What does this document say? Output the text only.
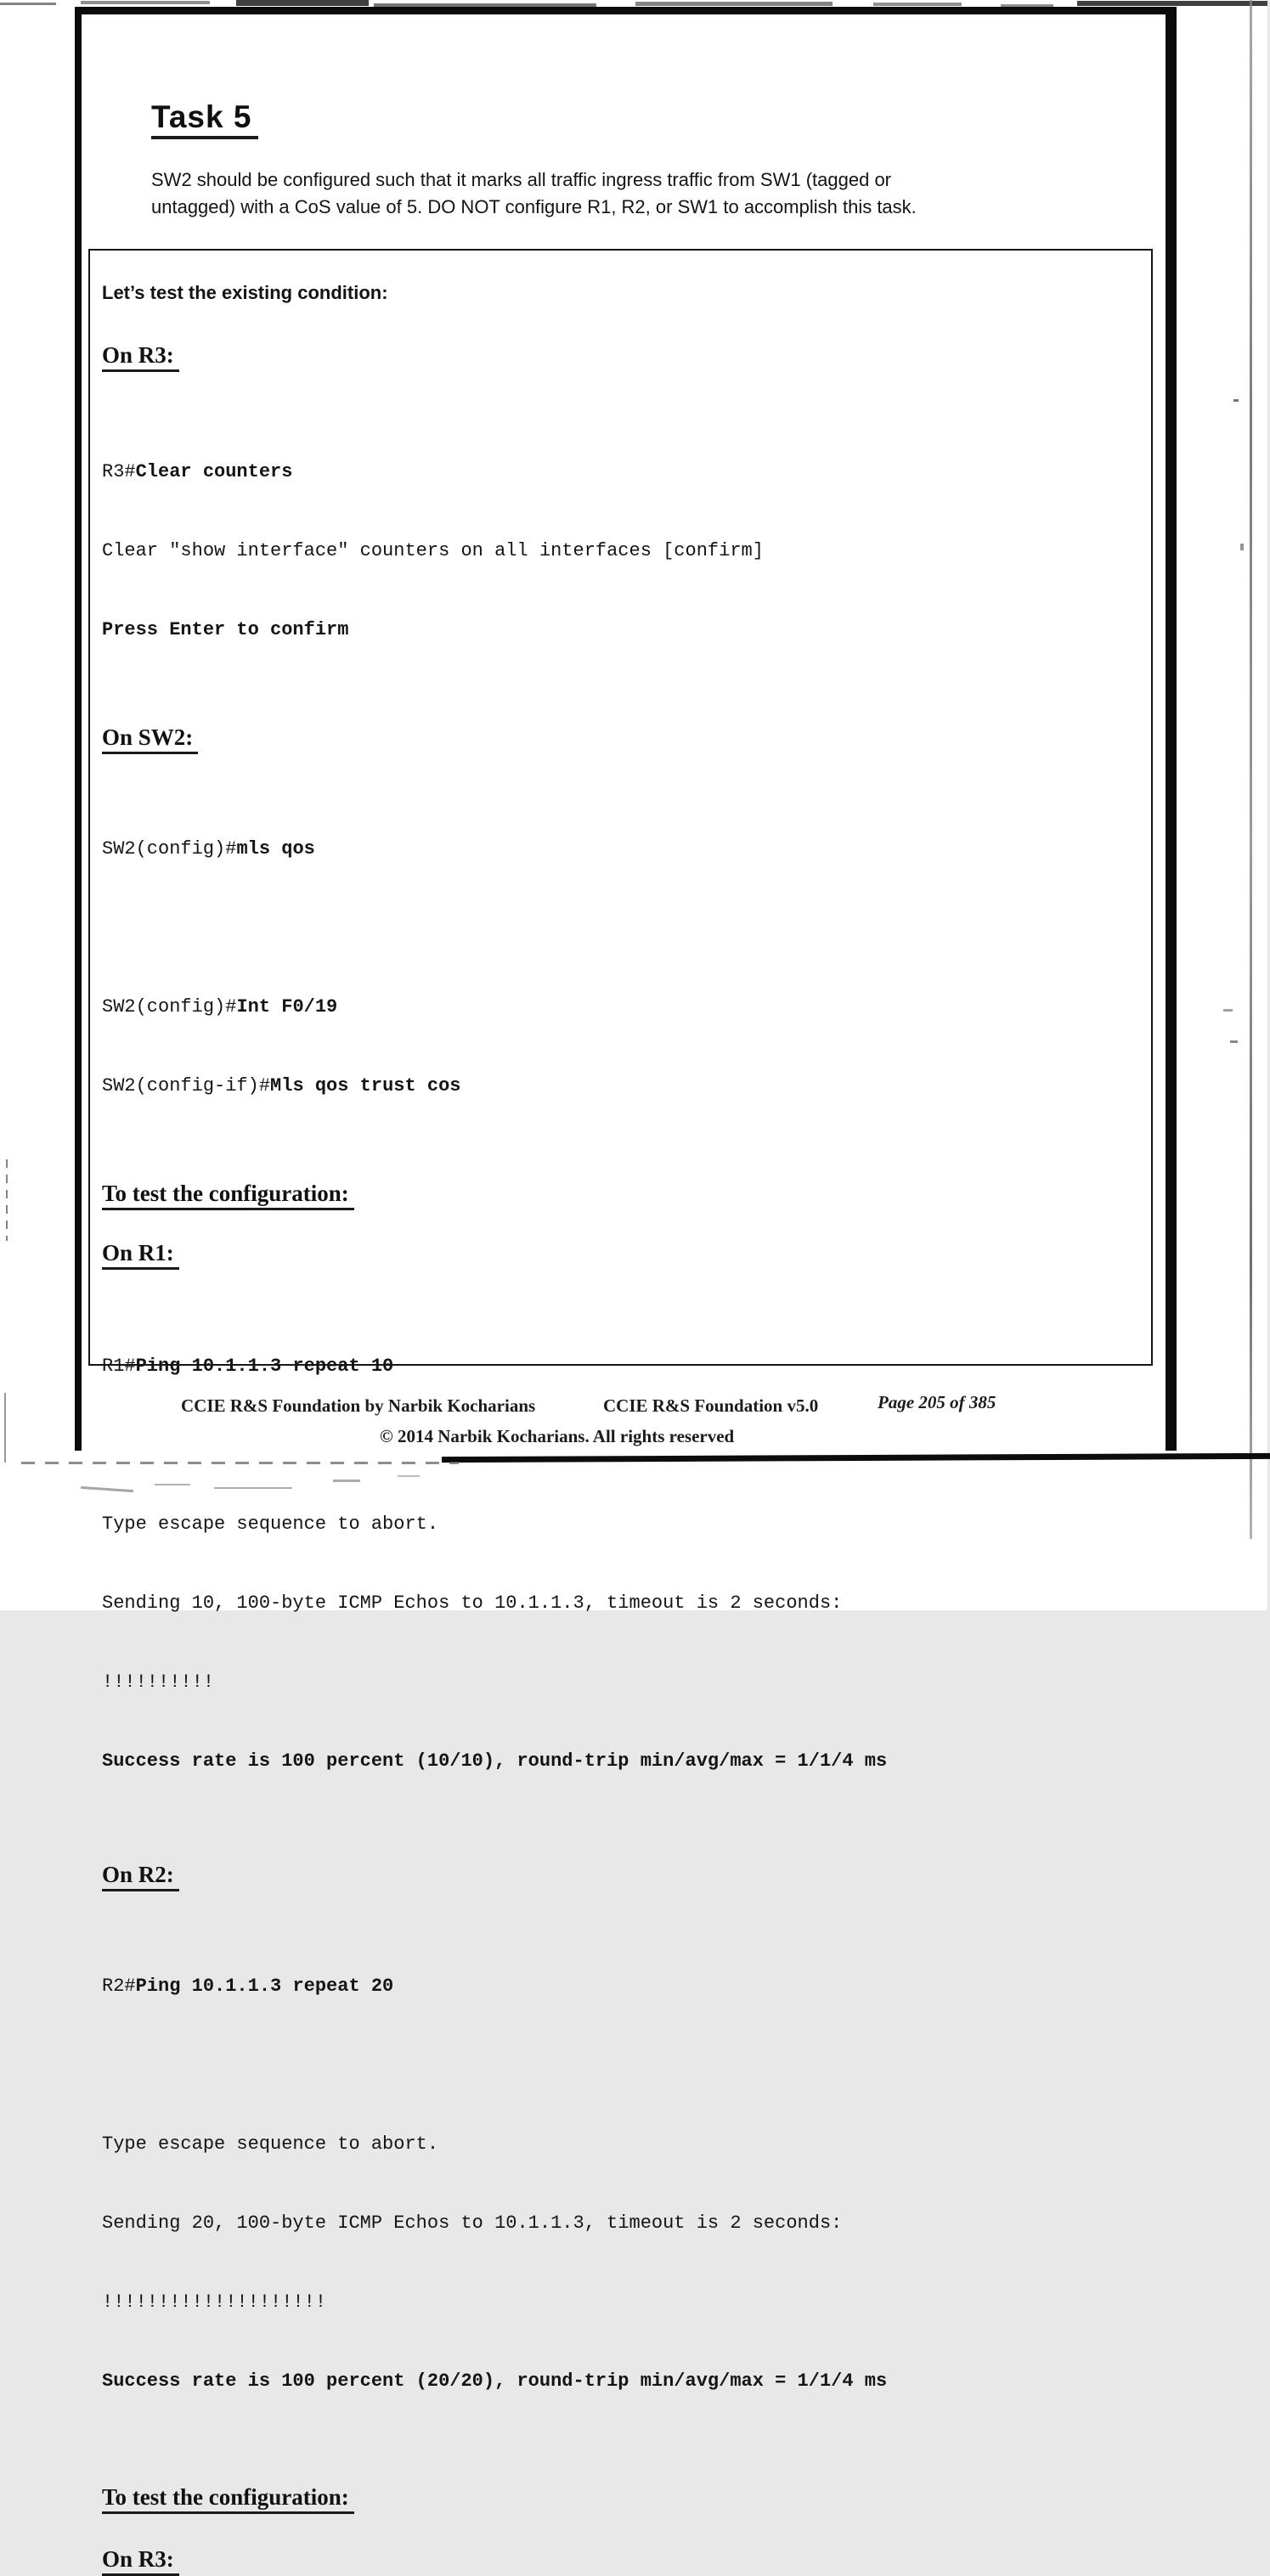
Task 5
SW2 should be configured such that it marks all traffic ingress traffic from SW1 (tagged or
untagged) with a CoS value of 5. DO NOT configure R1, R2, or SW1 to accomplish this task.
Let’s test the existing condition:
On R3:

R3#Clear counters

Clear "show interface" counters on all interfaces [confirm]

Press Enter to confirm

On SW2:

SW2(config)#mls qos

SW2(config)#Int F0/19

SW2(config-if)#Mls qos trust cos

To test the configuration:
On R1:

R1#Ping 10.1.1.3 repeat 10

Type escape sequence to abort.

Sending 10, 100-byte ICMP Echos to 10.1.1.3, timeout is 2 seconds:

!!!!!!!!!!

Success rate is 100 percent (10/10), round-trip min/avg/max = 1/1/4 ms

On R2:

R2#Ping 10.1.1.3 repeat 20

Type escape sequence to abort.

Sending 20, 100-byte ICMP Echos to 10.1.1.3, timeout is 2 seconds:

!!!!!!!!!!!!!!!!!!!!

Success rate is 100 percent (20/20), round-trip min/avg/max = 1/1/4 ms

To test the configuration:
On R3:
CCIE R&S Foundation by Narbik Kocharians	CCIE R&S Foundation v5.0	Page 205 of 385
© 2014 Narbik Kocharians. All rights reserved
